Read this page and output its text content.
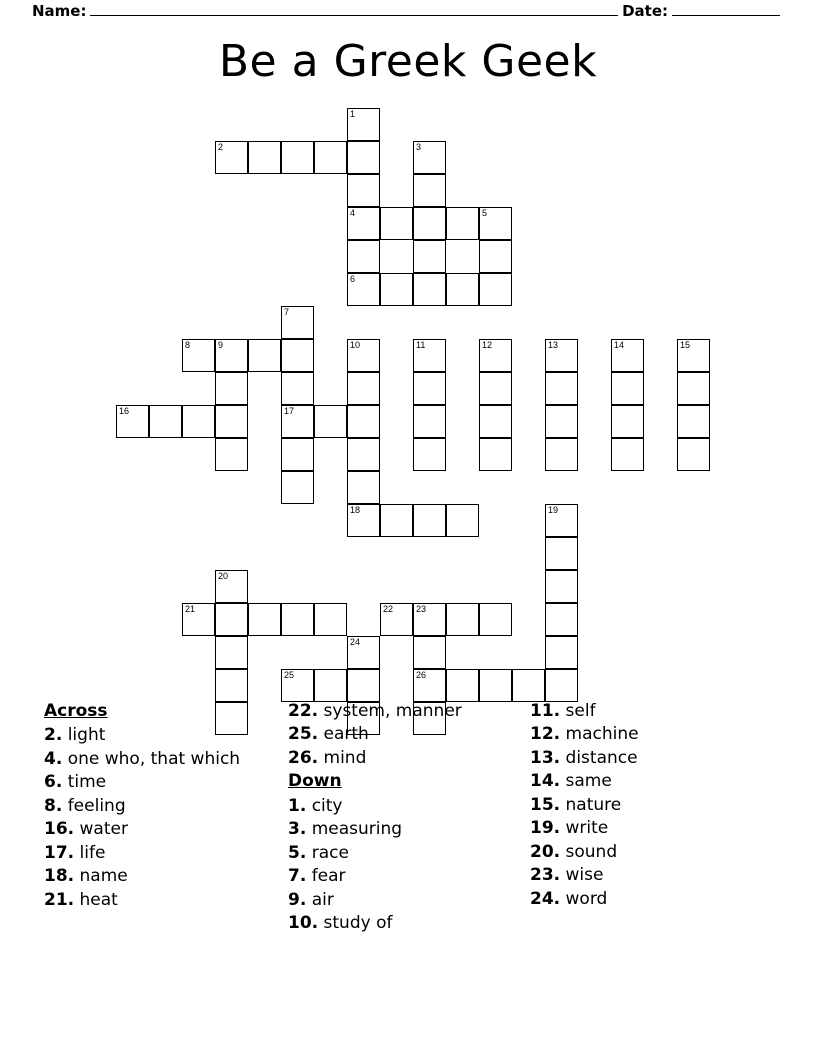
Name:	Date:
Be a Greek Geek
1
2	3
4	5
6
7
8	9	10	11	12	13	14	15
16	17
18	19
20
21	22	23
24
25	26
Across
2. light
4. one who, that which
6. time
8. feeling
16. water
17. life
18. name
21. heat
22. system, manner
25. earth
26. mind
Down
1. city
3. measuring
5. race
7. fear
9. air
10. study of
11. self
12. machine
13. distance
14. same
15. nature
19. write
20. sound
23. wise
24. word
